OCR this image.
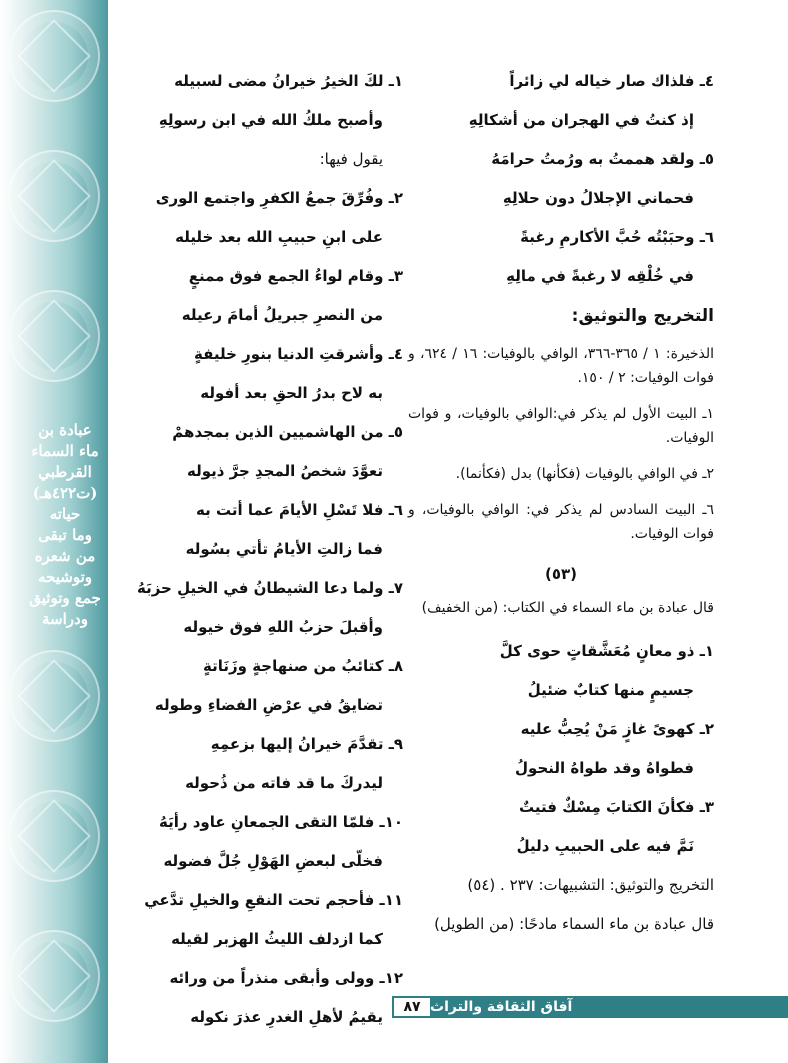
عبادة بن
ماء السماء
القرطبي
(ت٤٢٢هـ)
حياته
وما تبقى
من شعره
وتوشيحه
جمع وتوثيق
ودراسة
٤ـ فلذاك صار خياله لي زائراً
إذ كنتُ في الهجران من أشكالِهِ
٥ـ ولقد هممتُ به ورُمتُ حرامَهُ
فحماني الإجلالُ دون حلالِهِ
٦ـ وحبَبْتُه حُبَّ الأكارمِ رغبةً
في خُلْقِه لا رغبةً في مالِهِ
التخريج والتوثيق:
الذخيرة: ١ / ٣٦٥-٣٦٦، الوافي بالوفيات: ١٦ / ٦٢٤، و فوات الوفيات: ٢ / ١٥٠.
١ـ البيت الأول لم يذكر في:الوافي بالوفيات، و فوات الوفيات.
٢ـ في الوافي بالوفيات (فكأنها) بدل (فكأنما).
٦ـ البيت السادس لم يذكر في: الوافي بالوفيات، و فوات الوفيات.
(٥٣)
قال عبادة بن ماء السماء في الكتاب: (من الخفيف)
١ـ ذو معانٍ مُعَشَّقاتٍ حوى كلَّ
جسيمٍ منها كتابٌ ضئيلُ
٢ـ كهوىً غازٍ مَنْ يُحِبُّ عليه
فطواهُ وقد طواهُ النحولُ
٣ـ فكأنَ الكتابَ مِسْكٌ فتيتٌ
نَمَّ فيه على الحبيبِ دليلُ
التخريج والتوثيق: التشبيهات: ٢٣٧ . (٥٤)
قال عبادة بن ماء السماء مادحًا: (من الطويل)
١ـ لكَ الخيرُ خيرانُ مضى لسبيله
وأصبح ملكُ الله في ابن رسولِهِ
يقول فيها:
٢ـ وفُرِّقَ جمعُ الكفرِ واجتمع الورى
على ابنِ حبيبِ الله بعد خليله
٣ـ وقام لواءُ الجمع فوق ممنعٍ
من النصرِ جبريلُ أمامَ رعيله
٤ـ وأشرقتِ الدنيا بنورِ خليفةٍ
به لاح بدرُ الحقِ بعد أفوله
٥ـ من الهاشميين الذين بمجدهمْ
تعوَّدَ شخصُ المجدِ جرَّ ذيوله
٦ـ فلا تَسْلِ الأيامَ عما أتت به
فما زالتِ الأيامُ تأتي بسُوله
٧ـ ولما دعا الشيطانُ في الخيلِ حزبَهُ
وأقبلَ حزبُ اللهِ فوق خيوله
٨ـ كتائبُ من صنهاجةٍ وزَنَاتةٍ
تضايقُ في عرْضِ الفضاءِ وطوله
٩ـ تقدَّمَ خيرانُ إليها بزعمِهِ
ليدركَ ما قد فاته من ذُحوله
١٠ـ فلمّا التقى الجمعانِ عاود رأيَهُ
فخلّى لبعضِ الهَوْلِ جُلَّ فضوله
١١ـ فأحجم تحت النقعِ والخيلِ تدَّعي
كما ازدلف الليثُ الهزبر لقيله
١٢ـ وولى وأبقى منذراً من ورائه
يقيمُ لأهلِ الغدرِ عذرَ نكوله
آفاق الثقافة والتراث
٨٧
